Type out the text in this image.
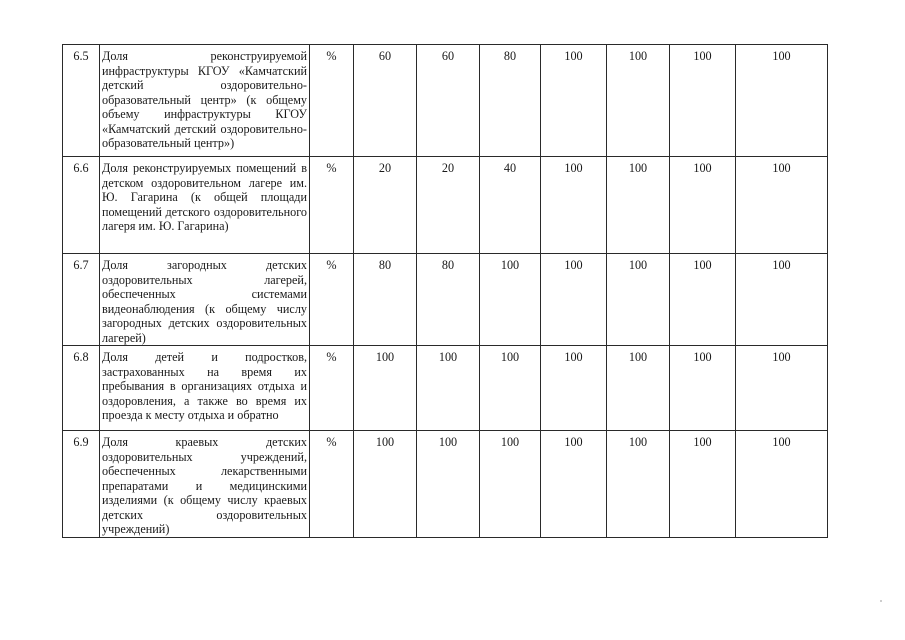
6.5	Доля реконструируемой инфраструктуры КГОУ «Камчатский детский оздоровительно-образовательный центр» (к общему объему инфраструктуры КГОУ «Камчатский детский оздоровительно-образовательный центр»)	%	60	60	80	100	100	100	100
6.6	Доля реконструируемых помещений в детском оздоровительном лагере им. Ю. Гагарина (к общей площади помещений детского оздоровительного лагеря им. Ю. Гагарина)	%	20	20	40	100	100	100	100
6.7	Доля загородных детских оздоровительных лагерей, обеспеченных системами видеонаблюдения (к общему числу загородных детских оздоровительных лагерей)	%	80	80	100	100	100	100	100
6.8	Доля детей и подростков, застрахованных на время их пребывания в организациях отдыха и оздоровления, а также во время их проезда к месту отдыха и обратно	%	100	100	100	100	100	100	100
6.9	Доля краевых детских оздоровительных учреждений, обеспеченных лекарственными препаратами и медицинскими изделиями (к общему числу краевых детских оздоровительных учреждений)	%	100	100	100	100	100	100	100
